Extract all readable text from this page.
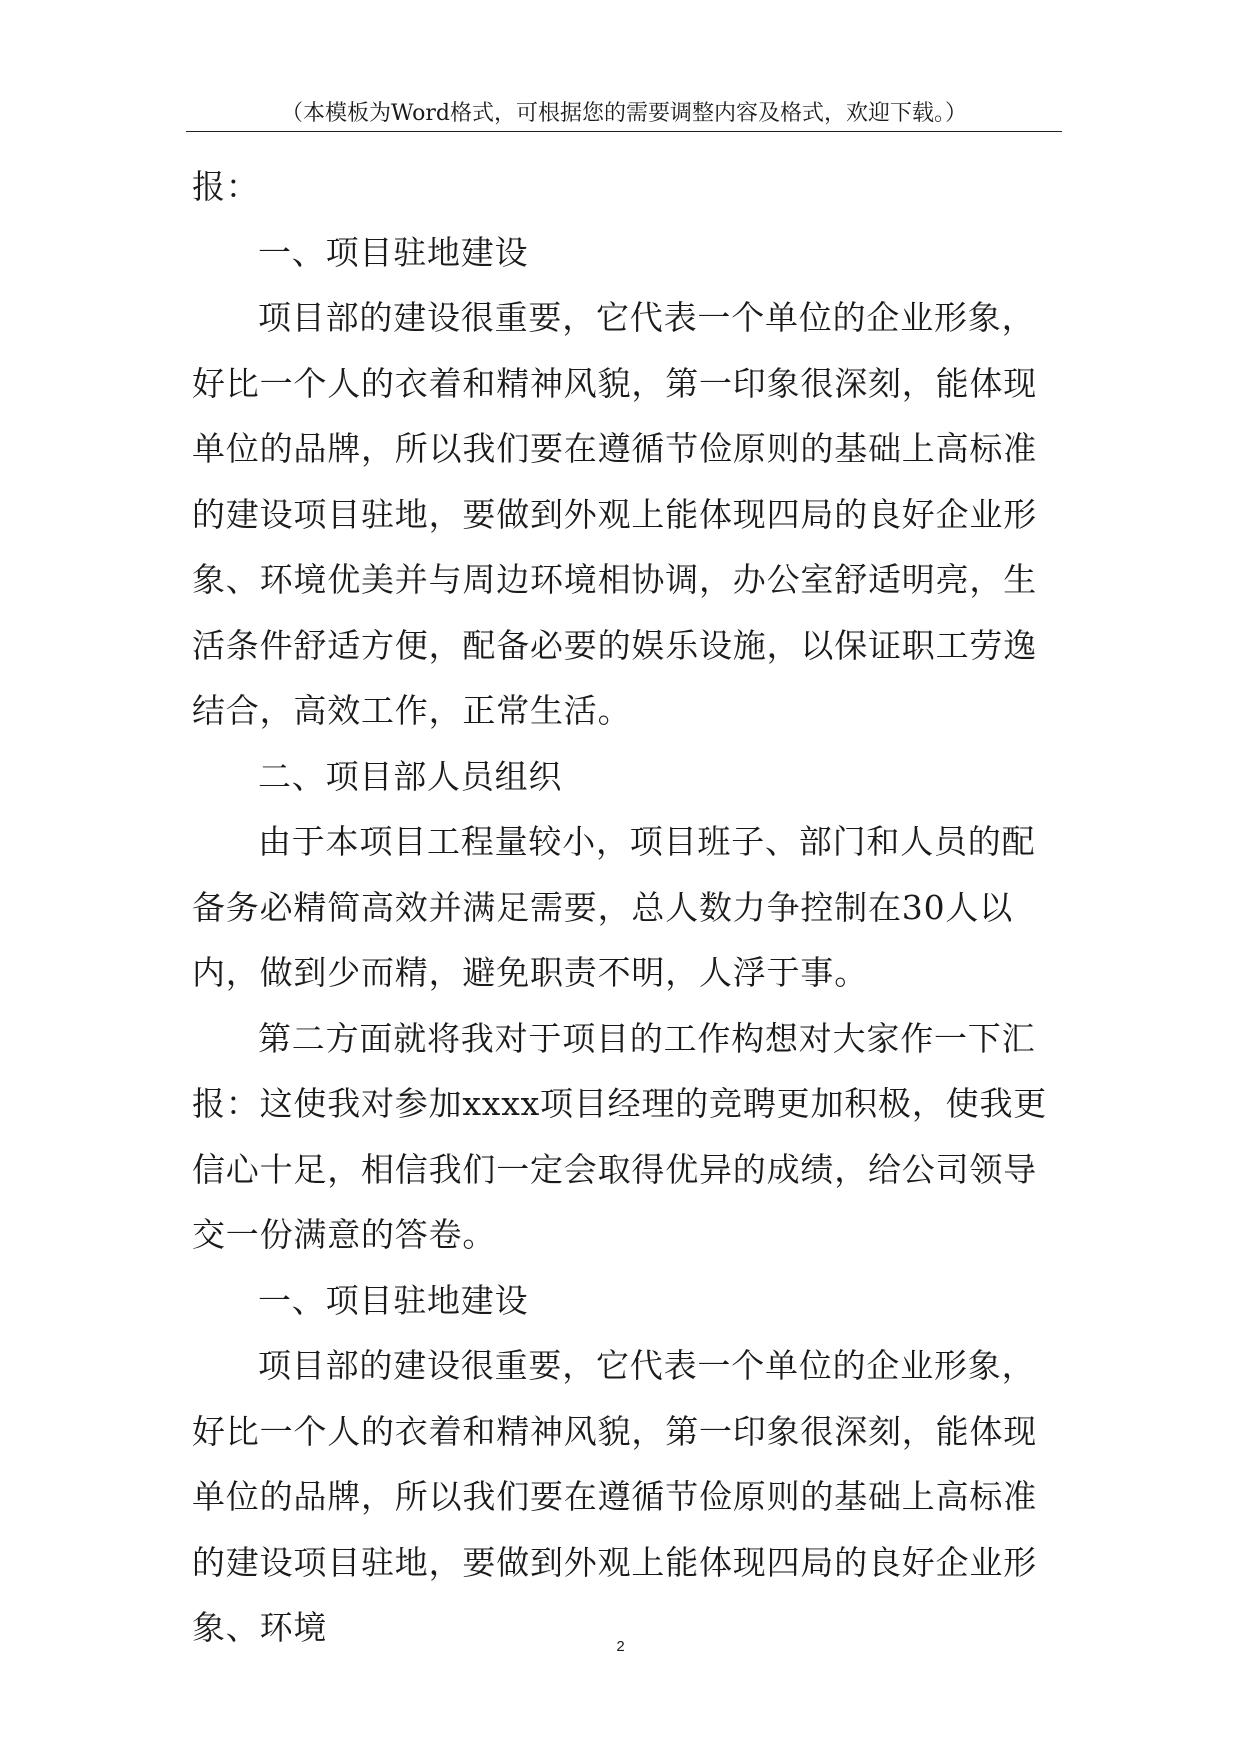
（本模板为Word格式，可根据您的需要调整内容及格式，欢迎下载。）

报：

一、项目驻地建设

项目部的建设很重要，它代表一个单位的企业形象，好比一个人的衣着和精神风貌，第一印象很深刻，能体现单位的品牌，所以我们要在遵循节俭原则的基础上高标准的建设项目驻地，要做到外观上能体现四局的良好企业形象、环境优美并与周边环境相协调，办公室舒适明亮，生活条件舒适方便，配备必要的娱乐设施，以保证职工劳逸结合，高效工作，正常生活。

二、项目部人员组织

由于本项目工程量较小，项目班子、部门和人员的配备务必精简高效并满足需要，总人数力争控制在30人以内，做到少而精，避免职责不明，人浮于事。

第二方面就将我对于项目的工作构想对大家作一下汇报：这使我对参加xxxx项目经理的竞聘更加积极，使我更信心十足，相信我们一定会取得优异的成绩，给公司领导交一份满意的答卷。

一、项目驻地建设

项目部的建设很重要，它代表一个单位的企业形象，好比一个人的衣着和精神风貌，第一印象很深刻，能体现单位的品牌，所以我们要在遵循节俭原则的基础上高标准的建设项目驻地，要做到外观上能体现四局的良好企业形象、环境	2
